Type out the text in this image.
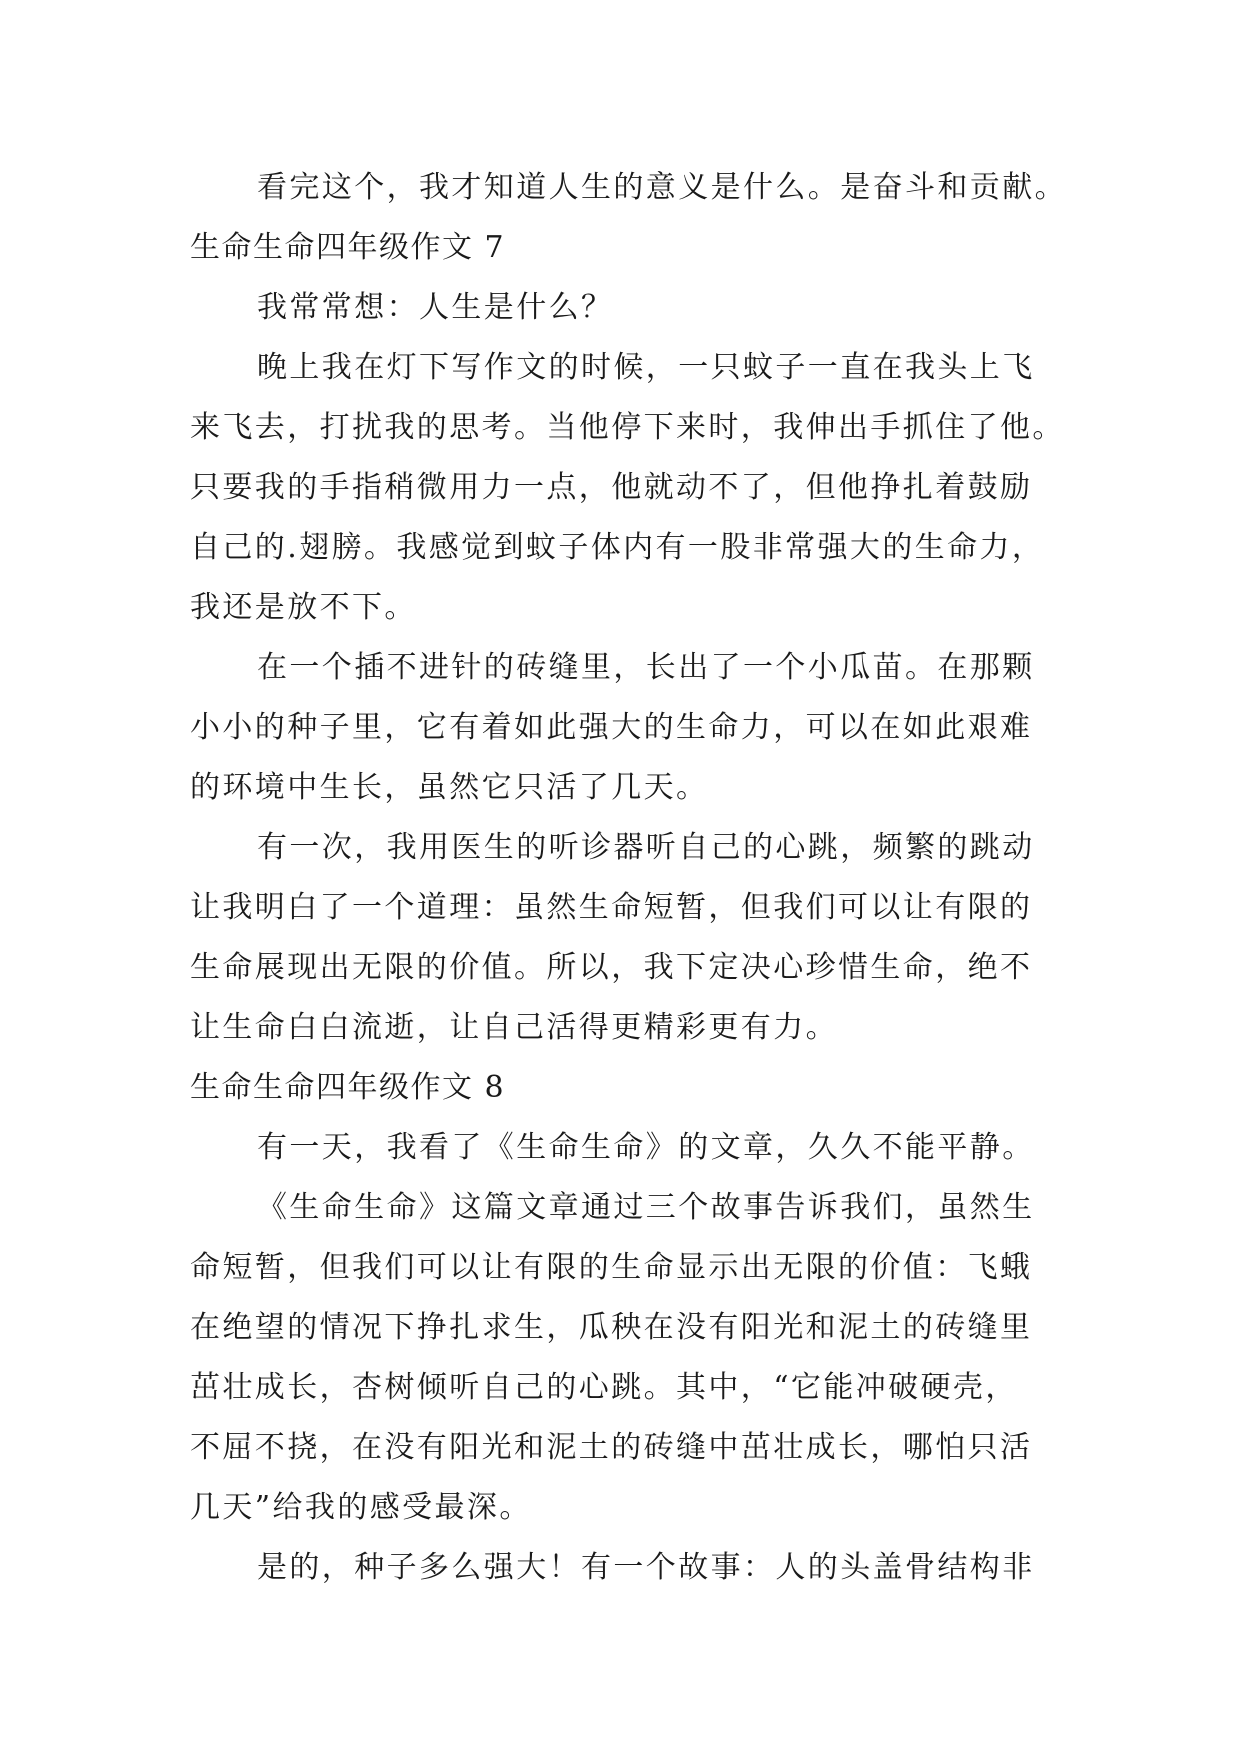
看完这个，我才知道人生的意义是什么。是奋斗和贡献。
生命生命四年级作文 7
我常常想：人生是什么？
晚上我在灯下写作文的时候，一只蚊子一直在我头上飞
来飞去，打扰我的思考。当他停下来时，我伸出手抓住了他。
只要我的手指稍微用力一点，他就动不了，但他挣扎着鼓励
自己的.翅膀。我感觉到蚊子体内有一股非常强大的生命力，
我还是放不下。
在一个插不进针的砖缝里，长出了一个小瓜苗。在那颗
小小的种子里，它有着如此强大的生命力，可以在如此艰难
的环境中生长，虽然它只活了几天。
有一次，我用医生的听诊器听自己的心跳，频繁的跳动
让我明白了一个道理：虽然生命短暂，但我们可以让有限的
生命展现出无限的价值。所以，我下定决心珍惜生命，绝不
让生命白白流逝，让自己活得更精彩更有力。
生命生命四年级作文 8
有一天，我看了《生命生命》的文章，久久不能平静。
《生命生命》这篇文章通过三个故事告诉我们，虽然生
命短暂，但我们可以让有限的生命显示出无限的价值：飞蛾
在绝望的情况下挣扎求生，瓜秧在没有阳光和泥土的砖缝里
茁壮成长，杏树倾听自己的心跳。其中，“它能冲破硬壳，
不屈不挠，在没有阳光和泥土的砖缝中茁壮成长，哪怕只活
几天”给我的感受最深。
是的，种子多么强大！有一个故事：人的头盖骨结构非
